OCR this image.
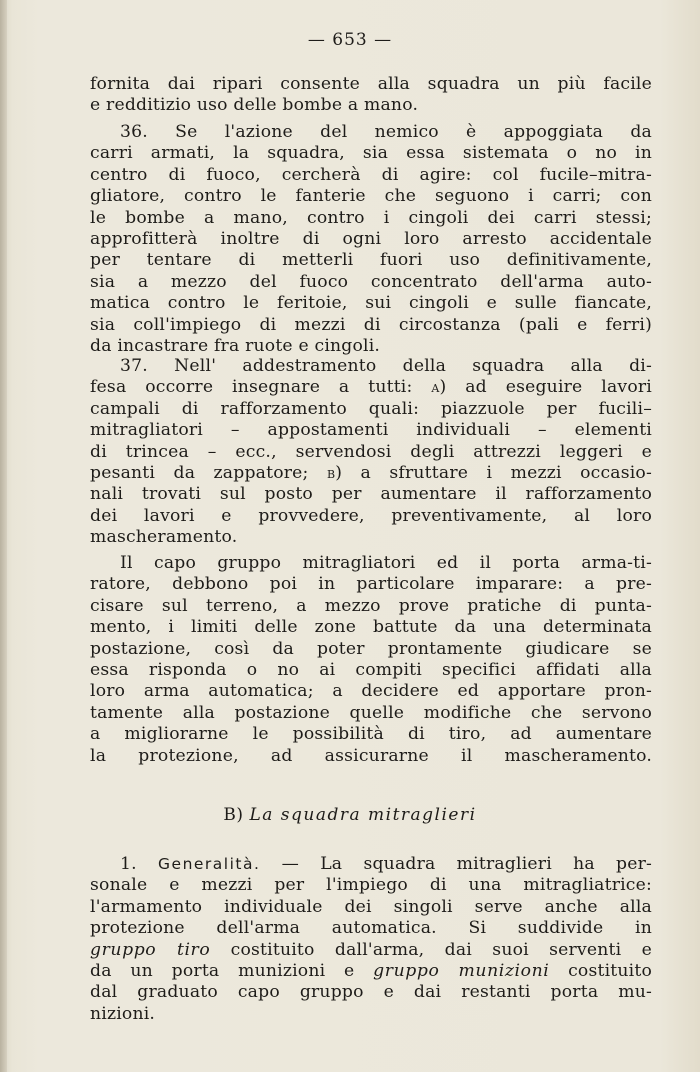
— 653 —
fornita dai ripari consente alla squadra un più facile
e redditizio uso delle bombe a mano.
36. Se l'azione del nemico è appoggiata da
carri armati, la squadra, sia essa sistemata o no in
centro di fuoco, cercherà di agire: col fucile–mitra-
gliatore, contro le fanterie che seguono i carri; con
le bombe a mano, contro i cingoli dei carri stessi;
approfitterà inoltre di ogni loro arresto accidentale
per tentare di metterli fuori uso definitivamente,
sia a mezzo del fuoco concentrato dell'arma auto-
matica contro le feritoie, sui cingoli e sulle fiancate,
sia coll'impiego di mezzi di circostanza (pali e ferri)
da incastrare fra ruote e cingoli.
37. Nell' addestramento della squadra alla di-
fesa occorre insegnare a tutti: a) ad eseguire lavori
campali di rafforzamento quali: piazzuole per fucili–
mitragliatori – appostamenti individuali – elementi
di trincea – ecc., servendosi degli attrezzi leggeri e
pesanti da zappatore; b) a sfruttare i mezzi occasio-
nali trovati sul posto per aumentare il rafforzamento
dei lavori e provvedere, preventivamente, al loro
mascheramento.
Il capo gruppo mitragliatori ed il porta arma-ti-
ratore, debbono poi in particolare imparare: a pre-
cisare sul terreno, a mezzo prove pratiche di punta-
mento, i limiti delle zone battute da una determinata
postazione, così da poter prontamente giudicare se
essa risponda o no ai compiti specifici affidati alla
loro arma automatica; a decidere ed apportare pron-
tamente alla postazione quelle modifiche che servono
a migliorarne le possibilità di tiro, ad aumentare
la protezione, ad assicurarne il mascheramento.
B) La squadra mitraglieri
1. Generalità. — La squadra mitraglieri ha per-
sonale e mezzi per l'impiego di una mitragliatrice:
l'armamento individuale dei singoli serve anche alla
protezione dell'arma automatica. Si suddivide in
gruppo tiro costituito dall'arma, dai suoi serventi e
da un porta munizioni e gruppo munizioni costituito
dal graduato capo gruppo e dai restanti porta mu-
nizioni.
